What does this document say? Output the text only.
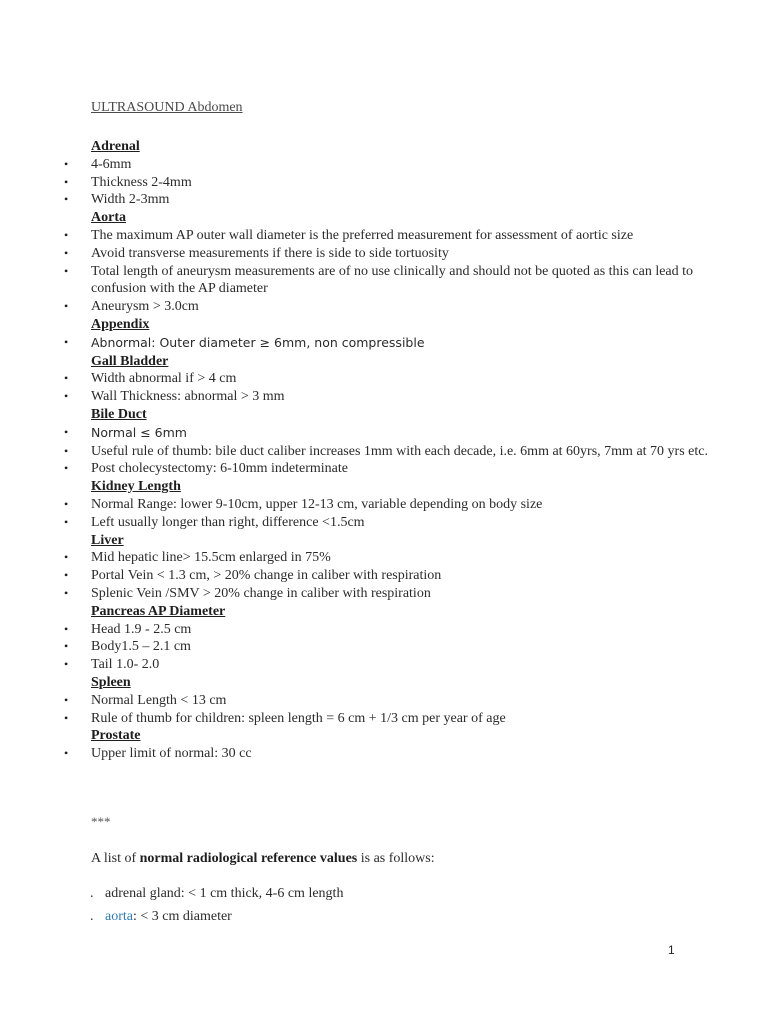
ULTRASOUND Abdomen
Adrenal
• 4-6mm
• Thickness 2-4mm
• Width 2-3mm
Aorta
• The maximum AP outer wall diameter is the preferred measurement for assessment of aortic size
• Avoid transverse measurements if there is side to side tortuosity
• Total length of aneurysm measurements are of no use clinically and should not be quoted as this can lead to confusion with the AP diameter
• Aneurysm > 3.0cm
Appendix
• Abnormal: Outer diameter ≥ 6mm, non compressible
Gall Bladder
• Width abnormal if > 4 cm
• Wall Thickness: abnormal > 3 mm
Bile Duct
• Normal ≤ 6mm
• Useful rule of thumb: bile duct caliber increases 1mm with each decade, i.e. 6mm at 60yrs, 7mm at 70 yrs etc.
• Post cholecystectomy: 6-10mm indeterminate
Kidney Length
• Normal Range: lower 9-10cm, upper 12-13 cm, variable depending on body size
• Left usually longer than right, difference <1.5cm
Liver
• Mid hepatic line> 15.5cm enlarged in 75%
• Portal Vein < 1.3 cm, > 20% change in caliber with respiration
• Splenic Vein /SMV > 20% change in caliber with respiration
Pancreas AP Diameter
• Head 1.9 - 2.5 cm
• Body1.5 – 2.1 cm
• Tail 1.0- 2.0
Spleen
• Normal Length < 13 cm
• Rule of thumb for children: spleen length = 6 cm + 1/3 cm per year of age
Prostate
• Upper limit of normal: 30 cc
***
A list of normal radiological reference values is as follows:
. adrenal gland: < 1 cm thick, 4-6 cm length
. aorta: < 3 cm diameter
1
